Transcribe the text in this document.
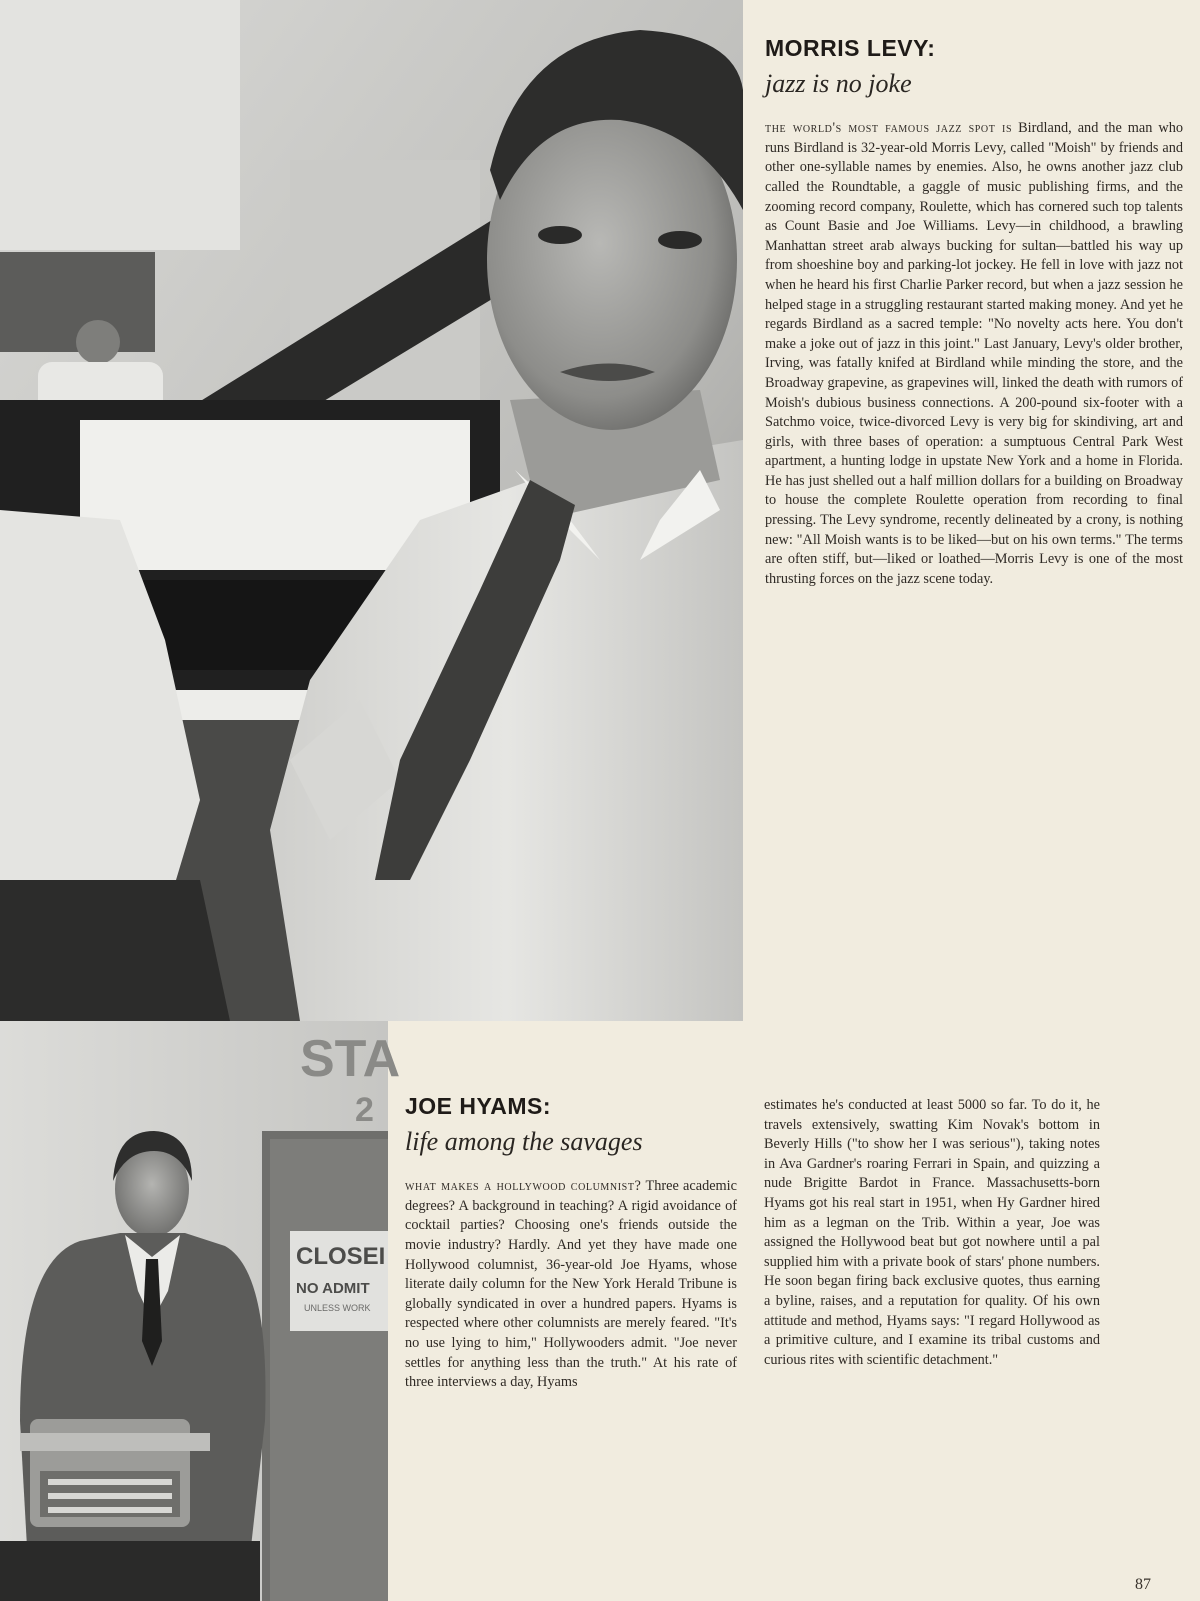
STA
2
CLOSEI
NO ADMIT
UNLESS WORK
MORRIS LEVY:
jazz is no joke

the world's most famous jazz spot is Birdland, and the man who runs Birdland is 32-year-old Morris Levy, called "Moish" by friends and other one-syllable names by enemies. Also, he owns another jazz club called the Roundtable, a gaggle of music publishing firms, and the zooming record company, Roulette, which has cornered such top talents as Count Basie and Joe Williams. Levy—in childhood, a brawling Manhattan street arab always bucking for sultan—battled his way up from shoeshine boy and parking-lot jockey. He fell in love with jazz not when he heard his first Charlie Parker record, but when a jazz session he helped stage in a struggling restaurant started making money. And yet he regards Birdland as a sacred temple: "No novelty acts here. You don't make a joke out of jazz in this joint." Last January, Levy's older brother, Irving, was fatally knifed at Birdland while minding the store, and the Broadway grapevine, as grapevines will, linked the death with rumors of Moish's dubious business connections. A 200-pound six-footer with a Satchmo voice, twice-divorced Levy is very big for skindiving, art and girls, with three bases of operation: a sumptuous Central Park West apartment, a hunting lodge in upstate New York and a home in Florida. He has just shelled out a half million dollars for a building on Broadway to house the complete Roulette operation from recording to final pressing. The Levy syndrome, recently delineated by a crony, is nothing new: "All Moish wants is to be liked—but on his own terms." The terms are often stiff, but—liked or loathed—Morris Levy is one of the most thrusting forces on the jazz scene today.

JOE HYAMS:
life among the savages

what makes a hollywood columnist? Three academic degrees? A background in teaching? A rigid avoidance of cocktail parties? Choosing one's friends outside the movie industry? Hardly. And yet they have made one Hollywood columnist, 36-year-old Joe Hyams, whose literate daily column for the New York Herald Tribune is globally syndicated in over a hundred papers. Hyams is respected where other columnists are merely feared. "It's no use lying to him," Hollywooders admit. "Joe never settles for anything less than the truth." At his rate of three interviews a day, Hyams

estimates he's conducted at least 5000 so far. To do it, he travels extensively, swatting Kim Novak's bottom in Beverly Hills ("to show her I was serious"), taking notes in Ava Gardner's roaring Ferrari in Spain, and quizzing a nude Brigitte Bardot in France. Massachusetts-born Hyams got his real start in 1951, when Hy Gardner hired him as a legman on the Trib. Within a year, Joe was assigned the Hollywood beat but got nowhere until a pal supplied him with a private book of stars' phone numbers. He soon began firing back exclusive quotes, thus earning a byline, raises, and a reputation for quality. Of his own attitude and method, Hyams says: "I regard Hollywood as a primitive culture, and I examine its tribal customs and curious rites with scientific detachment."

87
